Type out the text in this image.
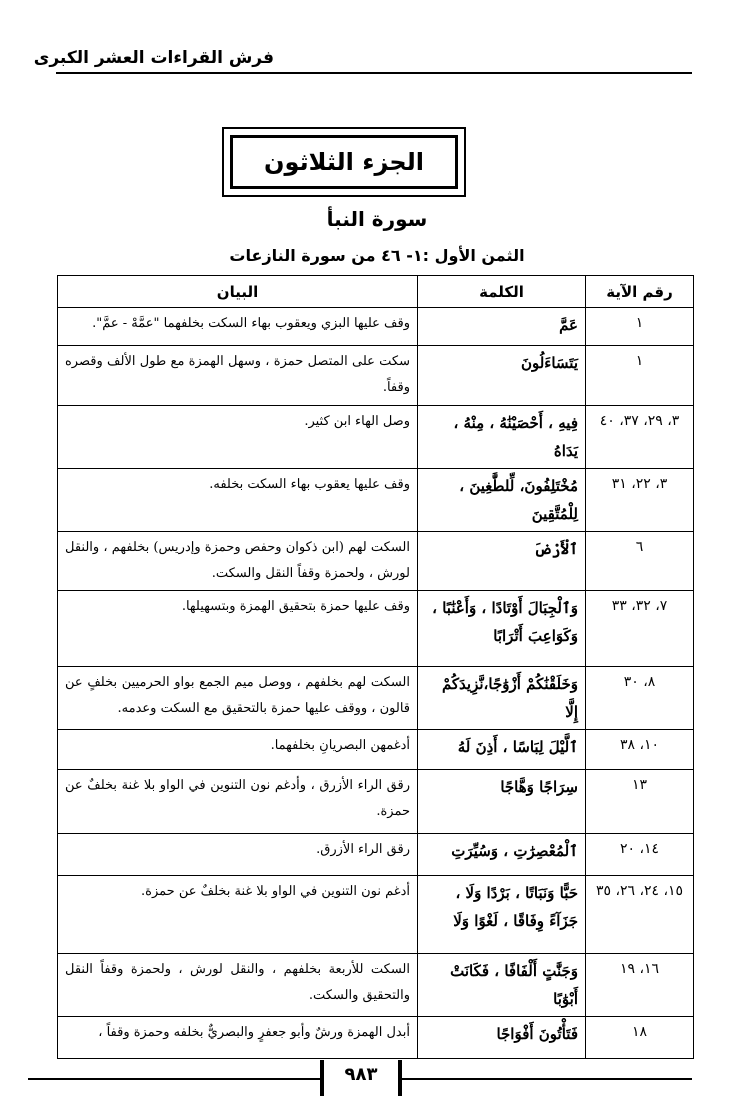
فرش القراءات العشر الكبرى
الجزء الثلاثون
سورة النبأ
الثمن الأول :١- ٤٦ من سورة النازعات
رقم الآية	الكلمة	البيان
١	عَمَّ	وقف عليها البزي ويعقوب بهاء السكت بخلفهما "عمَّهْ - عمَّ".
١	يَتَسَاءَلُونَ	سكت على المتصل حمزة ، وسهل الهمزة مع طول الألف وقصره وقفاً.
٣، ٢٩، ٣٧، ٤٠	فِيهِ ، أَحْصَيْنَٰهُ ، مِنْهُ ، يَدَاهُ	وصل الهاء ابن كثير.
٣، ٢٢، ٣١	مُخْتَلِفُونَ، لِّلطَّٰغِينَ ، لِلْمُتَّقِينَ	وقف عليها يعقوب بهاء السكت بخلفه.
٦	ٱلْأَرْضَ	السكت لهم (ابن ذكوان وحفص وحمزة وإدريس) بخلفهم ، والنقل لورش ، ولحمزة وقفاً النقل والسكت.
٧، ٣٢، ٣٣	وَٱلْجِبَالَ أَوْتَادًا ، وَأَعْنَٰبًا ، وَكَوَاعِبَ أَتْرَابًا	وقف عليها حمزة بتحقيق الهمزة وبتسهيلها.
٨، ٣٠	وَخَلَقْنَٰكُمْ أَزْوَٰجًا،نَّزِيدَكُمْ إِلَّا	السكت لهم بخلفهم ، ووصل ميم الجمع بواو الحرميين بخلفٍ عن قالون ، ووقف عليها حمزة بالتحقيق مع السكت وعدمه.
١٠، ٣٨	ٱلَّيْلَ لِبَاسًا ، أَذِنَ لَهُ	أدغمهن البصريانِ بخلفهما.
١٣	سِرَاجًا وَهَّاجًا	رقق الراء الأزرق ، وأدغم نون التنوين في الواو بلا غنة بخلفٌ عن حمزة.
١٤، ٢٠	ٱلْمُعْصِرَٰتِ ، وَسُيِّرَتِ	رقق الراء الأزرق.
١٥، ٢٤، ٢٦، ٣٥	حَبًّا وَنَبَاتًا ، بَرْدًا وَلَا ، جَزَآءً وِفَاقًا ، لَغْوًا وَلَا	أدغم نون التنوين في الواو بلا غنة بخلفٌ عن حمزة.
١٦، ١٩	وَجَنَّٰتٍ أَلْفَافًا ، فَكَانَتْ أَبْوَٰبًا	السكت للأربعة بخلفهم ، والنقل لورش ، ولحمزة وقفاً النقل والتحقيق والسكت.
١٨	فَتَأْتُونَ أَفْوَاجًا	أبدل الهمزة ورشٌ وأبو جعفرٍ والبصريٌّ بخلفه وحمزة وقفاً ،
٩٨٣
